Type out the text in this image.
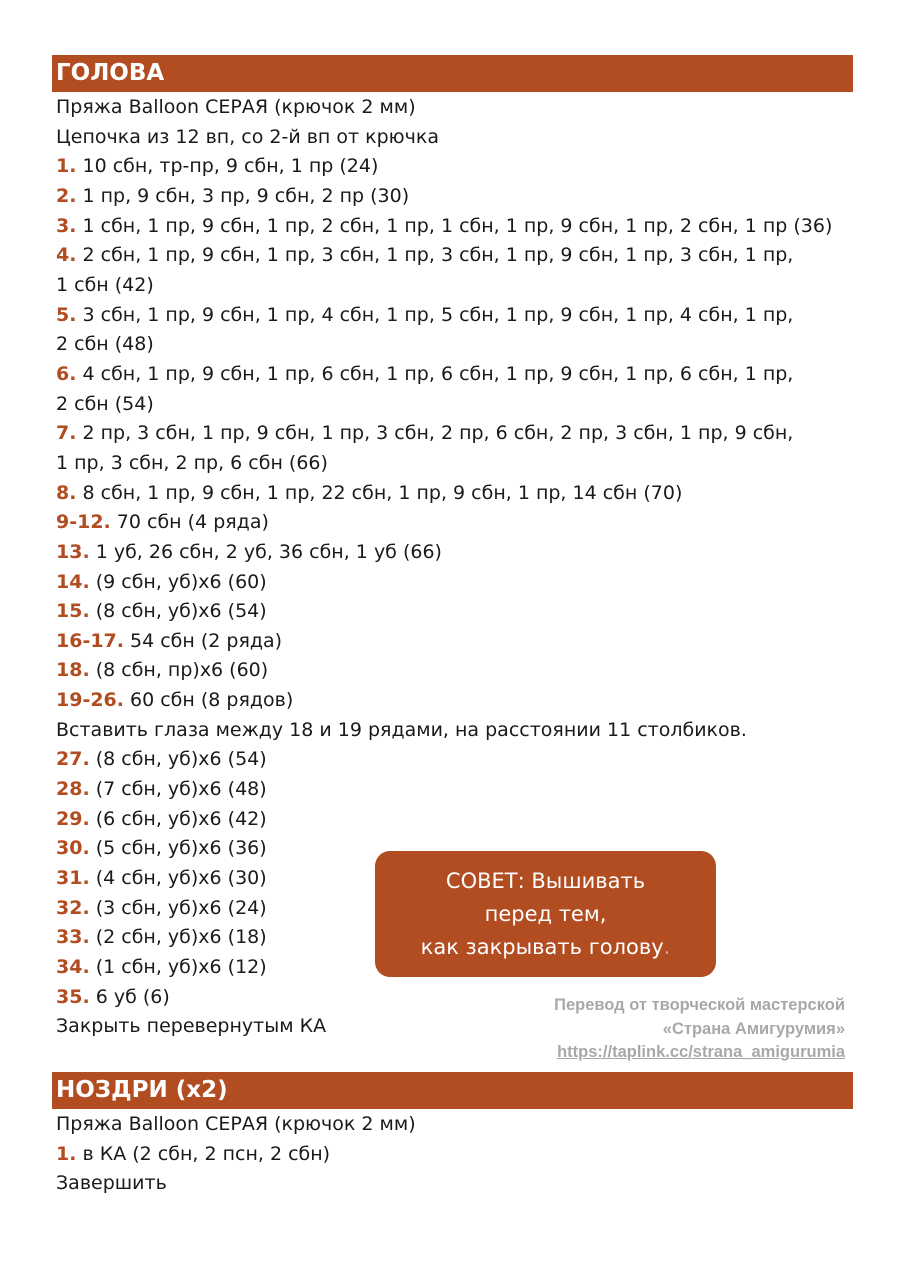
ГОЛОВА
Пряжа Balloon СЕРАЯ (крючок 2 мм)
Цепочка из 12 вп, со 2-й вп от крючка
1. 10 сбн, тр-пр, 9 сбн, 1 пр (24)
2. 1 пр, 9 сбн, 3 пр, 9 сбн, 2 пр (30)
3. 1 сбн, 1 пр, 9 сбн, 1 пр, 2 сбн, 1 пр, 1 сбн, 1 пр, 9 сбн, 1 пр, 2 сбн, 1 пр (36)
4. 2 сбн, 1 пр, 9 сбн, 1 пр, 3 сбн, 1 пр, 3 сбн, 1 пр, 9 сбн, 1 пр, 3 сбн, 1 пр,
1 сбн (42)
5. 3 сбн, 1 пр, 9 сбн, 1 пр, 4 сбн, 1 пр, 5 сбн, 1 пр, 9 сбн, 1 пр, 4 сбн, 1 пр,
2 сбн (48)
6. 4 сбн, 1 пр, 9 сбн, 1 пр, 6 сбн, 1 пр, 6 сбн, 1 пр, 9 сбн, 1 пр, 6 сбн, 1 пр,
2 сбн (54)
7. 2 пр, 3 сбн, 1 пр, 9 сбн, 1 пр, 3 сбн, 2 пр, 6 сбн, 2 пр, 3 сбн, 1 пр, 9 сбн,
1 пр, 3 сбн, 2 пр, 6 сбн (66)
8. 8 сбн, 1 пр, 9 сбн, 1 пр, 22 сбн, 1 пр, 9 сбн, 1 пр, 14 сбн (70)
9-12. 70 сбн (4 ряда)
13. 1 уб, 26 сбн, 2 уб, 36 сбн, 1 уб (66)
14. (9 сбн, уб)х6 (60)
15. (8 сбн, уб)х6 (54)
16-17. 54 сбн (2 ряда)
18. (8 сбн, пр)х6 (60)
19-26. 60 сбн (8 рядов)
Вставить глаза между 18 и 19 рядами, на расстоянии 11 столбиков.
27. (8 сбн, уб)х6 (54)
28. (7 сбн, уб)х6 (48)
29. (6 сбн, уб)х6 (42)
30. (5 сбн, уб)х6 (36)
31. (4 сбн, уб)х6 (30)
32. (3 сбн, уб)х6 (24)
33. (2 сбн, уб)х6 (18)
34. (1 сбн, уб)х6 (12)
35. 6 уб (6)
Закрыть перевернутым КА
СОВЕТ: Вышивать
перед тем,
как закрывать голову.
Перевод от творческой мастерской
«Страна Амигурумия»
https://taplink.cc/strana_amigurumia
НОЗДРИ (х2)
Пряжа Balloon СЕРАЯ (крючок 2 мм)
1. в КА (2 сбн, 2 псн, 2 сбн)
Завершить
